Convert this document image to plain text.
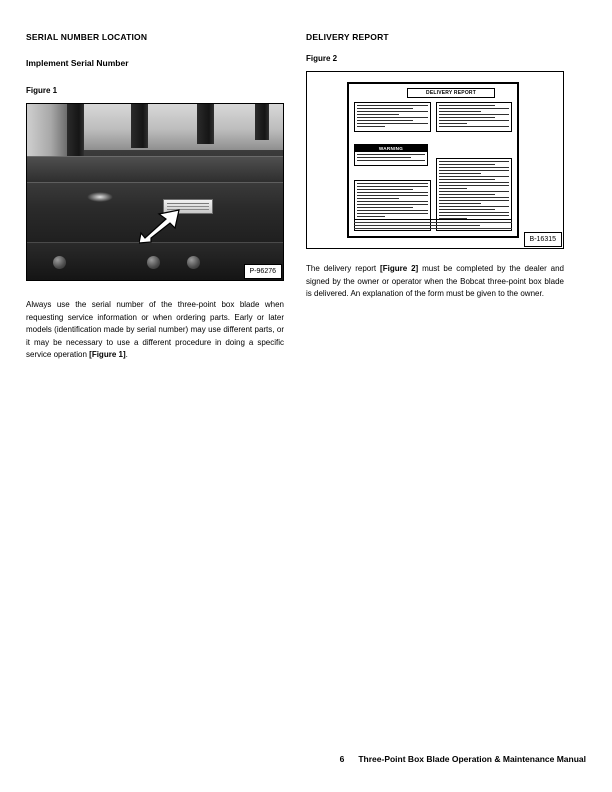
SERIAL NUMBER LOCATION
Implement Serial Number
Figure 1
P-96276

Always use the serial number of the three-point box blade when requesting service information or when ordering parts. Early or later models (identification made by serial number) may use different parts, or it may be necessary to use a different procedure in doing a specific service operation [Figure 1].

DELIVERY REPORT
Figure 2
DELIVERY REPORT
WARNING
B-16315

The delivery report [Figure 2] must be completed by the dealer and signed by the owner or operator when the Bobcat three-point box blade is delivered. An explanation of the form must be given to the owner.

6 Three-Point Box Blade Operation & Maintenance Manual
